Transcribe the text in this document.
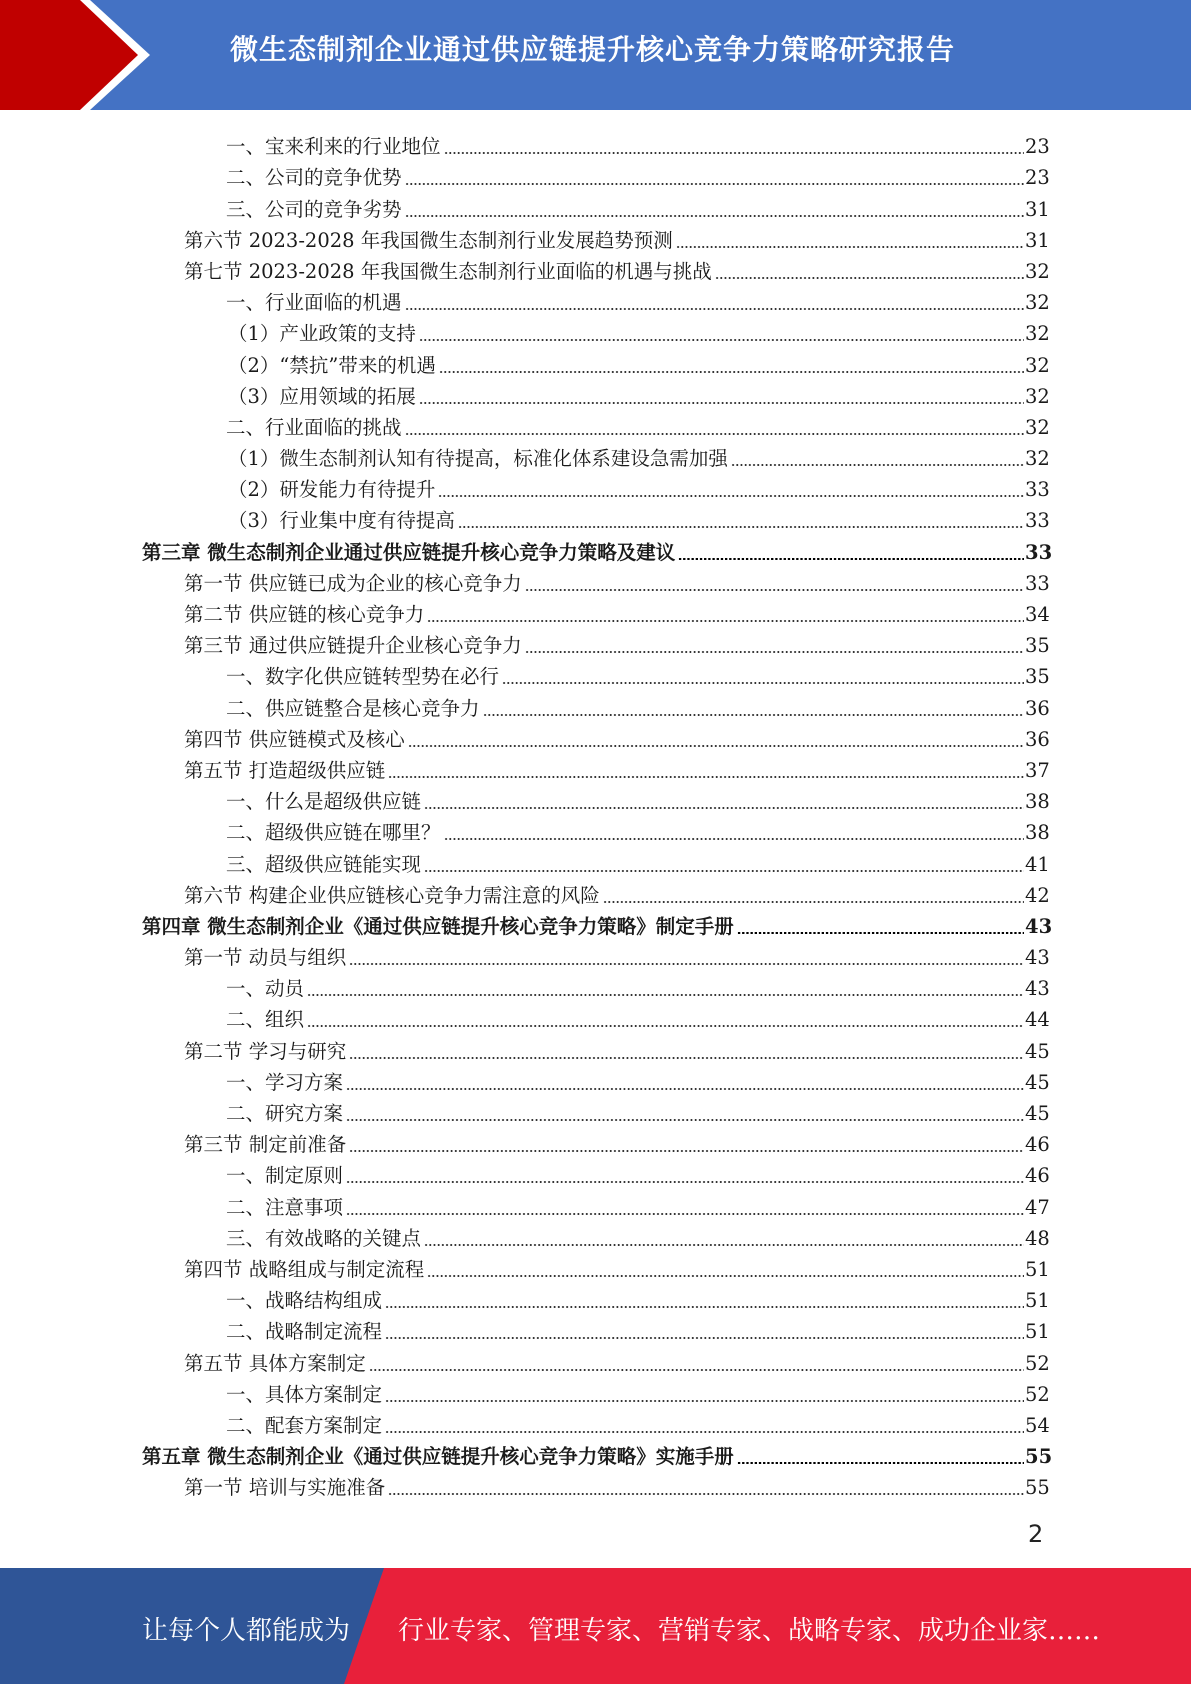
微生态制剂企业通过供应链提升核心竞争力策略研究报告
一、宝来利来的行业地位	23
二、公司的竞争优势	23
三、公司的竞争劣势	31
第六节 2023-2028 年我国微生态制剂行业发展趋势预测	31
第七节 2023-2028 年我国微生态制剂行业面临的机遇与挑战	32
一、行业面临的机遇	32
（1）产业政策的支持	32
（2）“禁抗”带来的机遇	32
（3）应用领域的拓展	32
二、行业面临的挑战	32
（1）微生态制剂认知有待提高，标准化体系建设急需加强	32
（2）研发能力有待提升	33
（3）行业集中度有待提高	33
第三章 微生态制剂企业通过供应链提升核心竞争力策略及建议	33
第一节 供应链已成为企业的核心竞争力	33
第二节 供应链的核心竞争力	34
第三节 通过供应链提升企业核心竞争力	35
一、数字化供应链转型势在必行	35
二、供应链整合是核心竞争力	36
第四节 供应链模式及核心	36
第五节 打造超级供应链	37
一、什么是超级供应链	38
二、超级供应链在哪里？	38
三、超级供应链能实现	41
第六节 构建企业供应链核心竞争力需注意的风险	42
第四章 微生态制剂企业《通过供应链提升核心竞争力策略》制定手册	43
第一节 动员与组织	43
一、动员	43
二、组织	44
第二节 学习与研究	45
一、学习方案	45
二、研究方案	45
第三节 制定前准备	46
一、制定原则	46
二、注意事项	47
三、有效战略的关键点	48
第四节 战略组成与制定流程	51
一、战略结构组成	51
二、战略制定流程	51
第五节 具体方案制定	52
一、具体方案制定	52
二、配套方案制定	54
第五章 微生态制剂企业《通过供应链提升核心竞争力策略》实施手册	55
第一节 培训与实施准备	55
2
让每个人都能成为 行业专家、管理专家、营销专家、战略专家、成功企业家……
